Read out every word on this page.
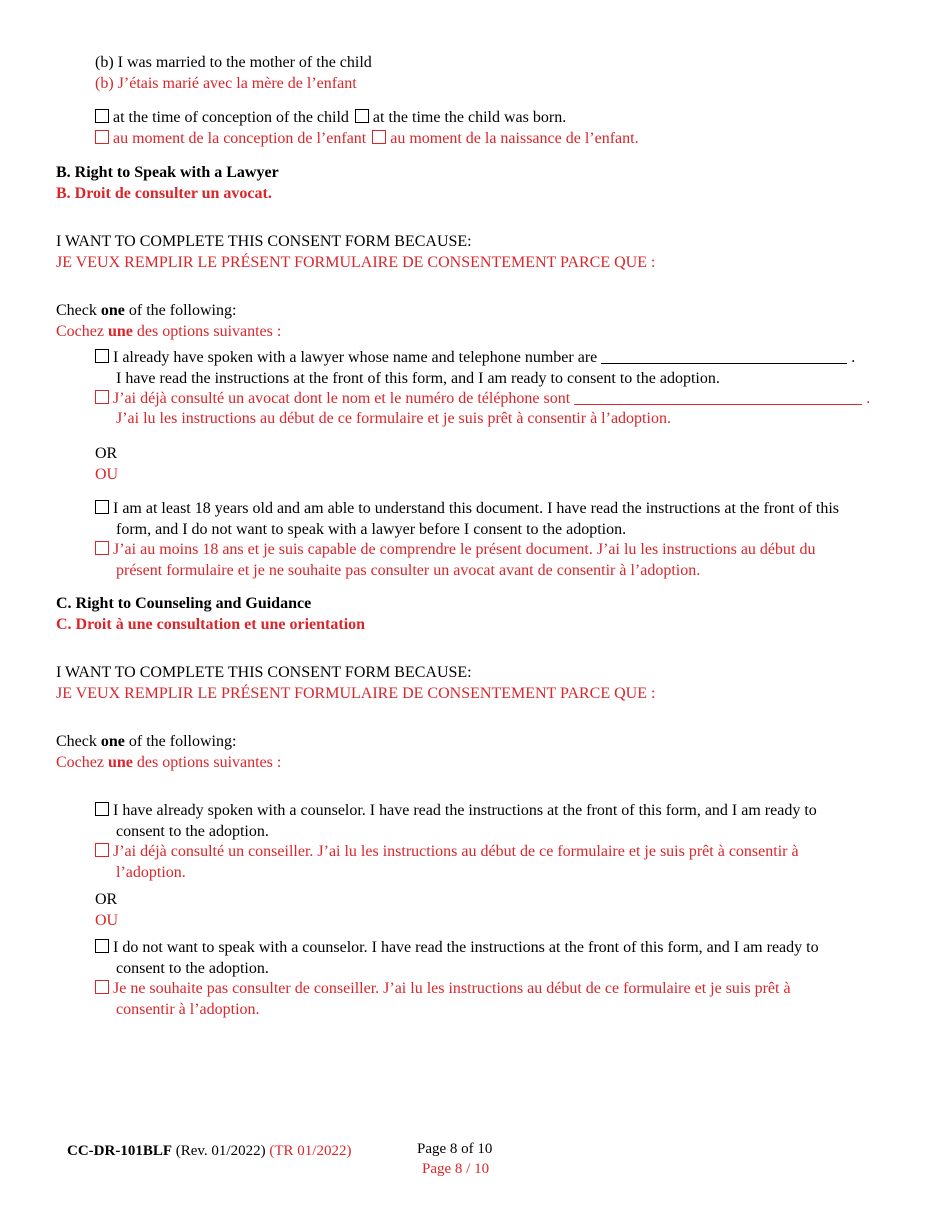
(b) I was married to the mother of the child
(b) J’étais marié avec la mère de l’enfant
at the time of conception of the child at the time the child was born.
au moment de la conception de l’enfant au moment de la naissance de l’enfant.
B. Right to Speak with a Lawyer
B. Droit de consulter un avocat.
I WANT TO COMPLETE THIS CONSENT FORM BECAUSE:
JE VEUX REMPLIR LE PRÉSENT FORMULAIRE DE CONSENTEMENT PARCE QUE :
Check one of the following:
Cochez une des options suivantes :
I already have spoken with a lawyer whose name and telephone number are	.
I have read the instructions at the front of this form, and I am ready to consent to the adoption.
J’ai déjà consulté un avocat dont le nom et le numéro de téléphone sont	.
J’ai lu les instructions au début de ce formulaire et je suis prêt à consentir à l’adoption.
OR
OU
I am at least 18 years old and am able to understand this document. I have read the instructions at the front of this
form, and I do not want to speak with a lawyer before I consent to the adoption.
J’ai au moins 18 ans et je suis capable de comprendre le présent document. J’ai lu les instructions au début du
présent formulaire et je ne souhaite pas consulter un avocat avant de consentir à l’adoption.
C. Right to Counseling and Guidance
C. Droit à une consultation et une orientation
I WANT TO COMPLETE THIS CONSENT FORM BECAUSE:
JE VEUX REMPLIR LE PRÉSENT FORMULAIRE DE CONSENTEMENT PARCE QUE :
Check one of the following:
Cochez une des options suivantes :
I have already spoken with a counselor. I have read the instructions at the front of this form, and I am ready to
consent to the adoption.
J’ai déjà consulté un conseiller. J’ai lu les instructions au début de ce formulaire et je suis prêt à consentir à
l’adoption.
OR
OU
I do not want to speak with a counselor. I have read the instructions at the front of this form, and I am ready to
consent to the adoption.
Je ne souhaite pas consulter de conseiller. J’ai lu les instructions au début de ce formulaire et je suis prêt à
consentir à l’adoption.
CC-DR-101BLF (Rev. 01/2022) (TR 01/2022)	Page 8 of 10
Page 8 / 10
